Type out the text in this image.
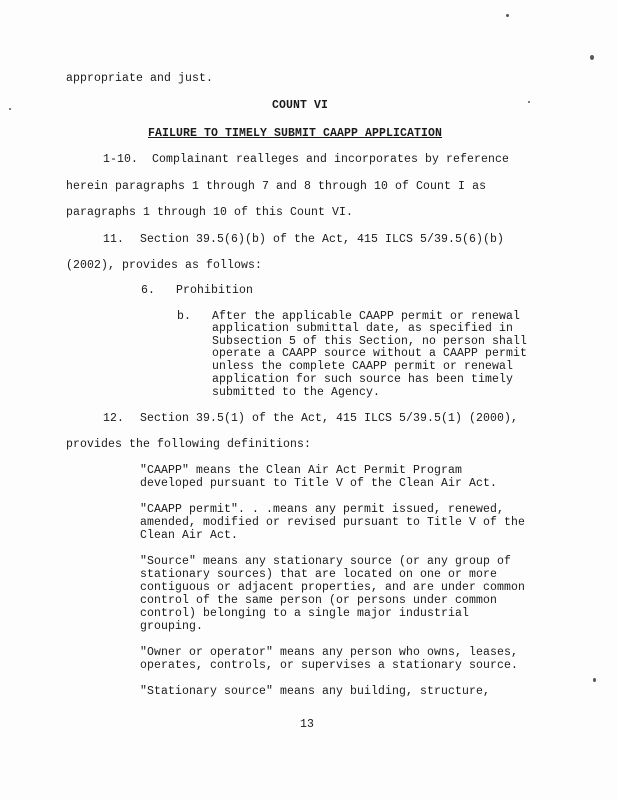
appropriate and just.

COUNT VI

FAILURE TO TIMELY SUBMIT CAAPP APPLICATION

1-10. Complainant realleges and incorporates by reference

herein paragraphs 1 through 7 and 8 through 10 of Count I as

paragraphs 1 through 10 of this Count VI.

11. Section 39.5(6)(b) of the Act, 415 ILCS 5/39.5(6)(b)

(2002), provides as follows:

6. Prohibition

b. After the applicable CAAPP permit or renewal

application submittal date, as specified in

Subsection 5 of this Section, no person shall

operate a CAAPP source without a CAAPP permit

unless the complete CAAPP permit or renewal

application for such source has been timely

submitted to the Agency.

12. Section 39.5(1) of the Act, 415 ILCS 5/39.5(1) (2000),

provides the following definitions:

"CAAPP" means the Clean Air Act Permit Program

developed pursuant to Title V of the Clean Air Act.

"CAAPP permit". . .means any permit issued, renewed,

amended, modified or revised pursuant to Title V of the

Clean Air Act.

"Source" means any stationary source (or any group of

stationary sources) that are located on one or more

contiguous or adjacent properties, and are under common

control of the same person (or persons under common

control) belonging to a single major industrial

grouping.

"Owner or operator" means any person who owns, leases,

operates, controls, or supervises a stationary source.

"Stationary source" means any building, structure,

13
